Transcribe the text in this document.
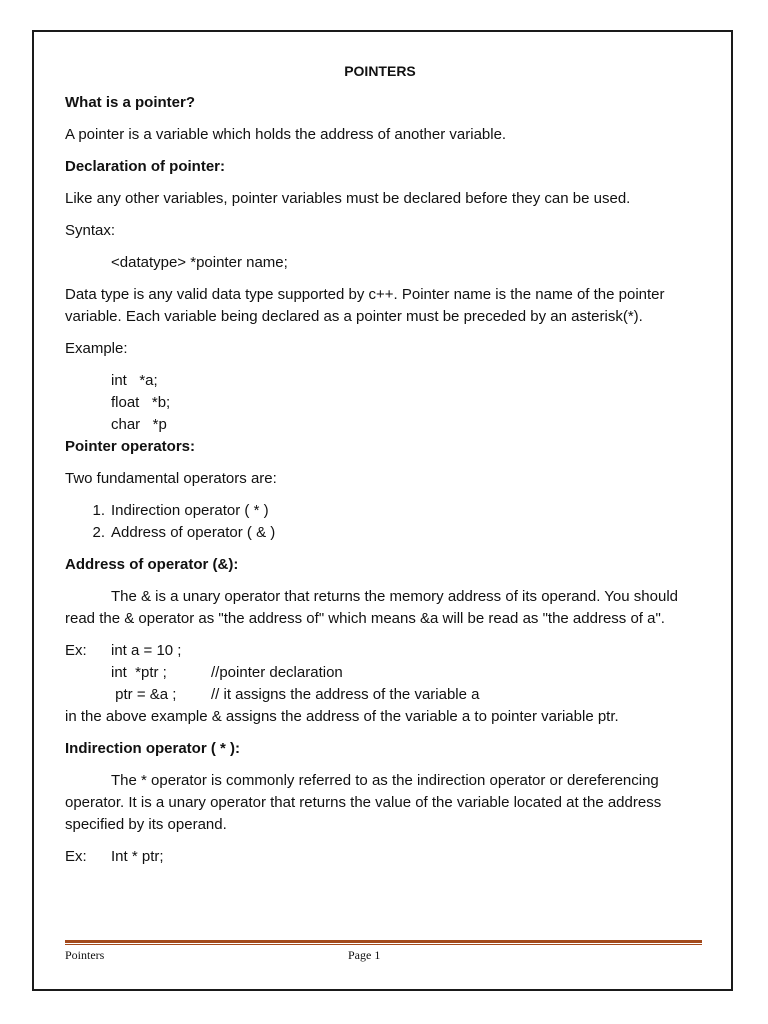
POINTERS
What is a pointer?
A pointer is a variable which holds the address of another variable.
Declaration of pointer:
Like any other variables, pointer variables must be declared before they can be used.
Syntax:
<datatype> *pointer name;
Data type is any valid data type supported by c++. Pointer name is the name of the pointer variable. Each variable being declared as a pointer must be preceded by an asterisk(*).
Example:
int   *a;
float   *b;
char   *p
Pointer operators:
Two fundamental operators are:
1. Indirection operator ( * )
2. Address of operator ( & )
Address of operator (&):
The & is a unary operator that returns the memory address of its operand. You should read the & operator as "the address of" which means &a will be read as "the address of a".
Ex:	int a = 10 ;
int  *ptr ;	//pointer declaration
ptr = &a ;	// it assigns the address of the variable a
in the above example & assigns the address of the variable a to pointer variable ptr.
Indirection operator ( * ):
The * operator is commonly referred to as the indirection operator or dereferencing operator. It is a unary operator that returns the value of the variable located at the address specified by its operand.
Ex:	Int * ptr;
Pointers	Page 1
